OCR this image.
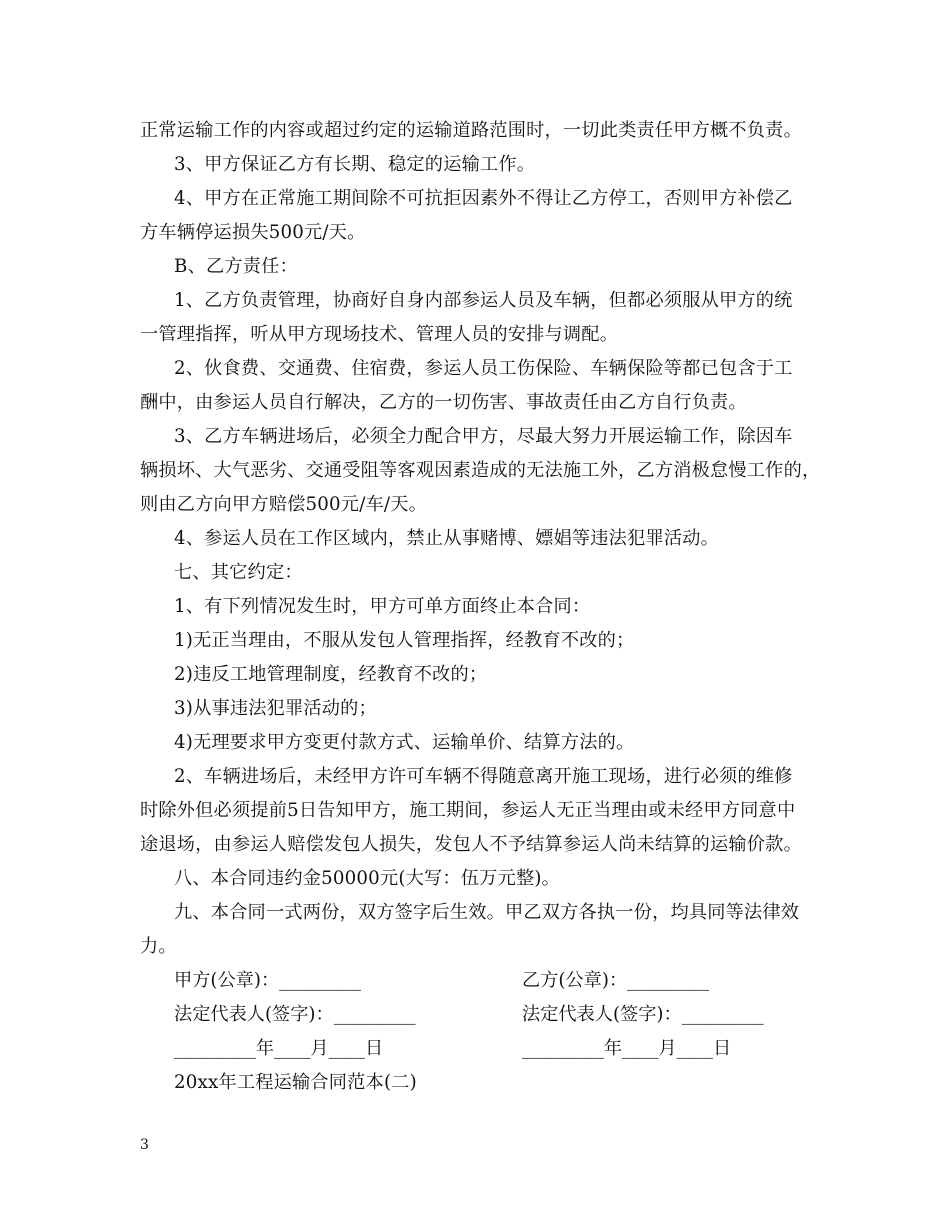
正常运输工作的内容或超过约定的运输道路范围时，一切此类责任甲方概不负责。
3、甲方保证乙方有长期、稳定的运输工作。
4、甲方在正常施工期间除不可抗拒因素外不得让乙方停工，否则甲方补偿乙
方车辆停运损失500元/天。
B、乙方责任：
1、乙方负责管理，协商好自身内部参运人员及车辆，但都必须服从甲方的统
一管理指挥，听从甲方现场技术、管理人员的安排与调配。
2、伙食费、交通费、住宿费，参运人员工伤保险、车辆保险等都已包含于工
酬中，由参运人员自行解决，乙方的一切伤害、事故责任由乙方自行负责。
3、乙方车辆进场后，必须全力配合甲方，尽最大努力开展运输工作，除因车
辆损坏、大气恶劣、交通受阻等客观因素造成的无法施工外，乙方消极怠慢工作的，
则由乙方向甲方赔偿500元/车/天。
4、参运人员在工作区域内，禁止从事赌博、嫖娼等违法犯罪活动。
七、其它约定：
1、有下列情况发生时，甲方可单方面终止本合同：
1)无正当理由，不服从发包人管理指挥，经教育不改的；
2)违反工地管理制度，经教育不改的；
3)从事违法犯罪活动的；
4)无理要求甲方变更付款方式、运输单价、结算方法的。
2、车辆进场后，未经甲方许可车辆不得随意离开施工现场，进行必须的维修
时除外但必须提前5日告知甲方，施工期间，参运人无正当理由或未经甲方同意中
途退场，由参运人赔偿发包人损失，发包人不予结算参运人尚未结算的运输价款。
八、本合同违约金50000元(大写：伍万元整)。
九、本合同一式两份，双方签字后生效。甲乙双方各执一份，均具同等法律效
力。
甲方(公章)：_________	乙方(公章)：_________
法定代表人(签字)：_________	法定代表人(签字)：_________
_________年____月____日	_________年____月____日
20xx年工程运输合同范本(二)
3
